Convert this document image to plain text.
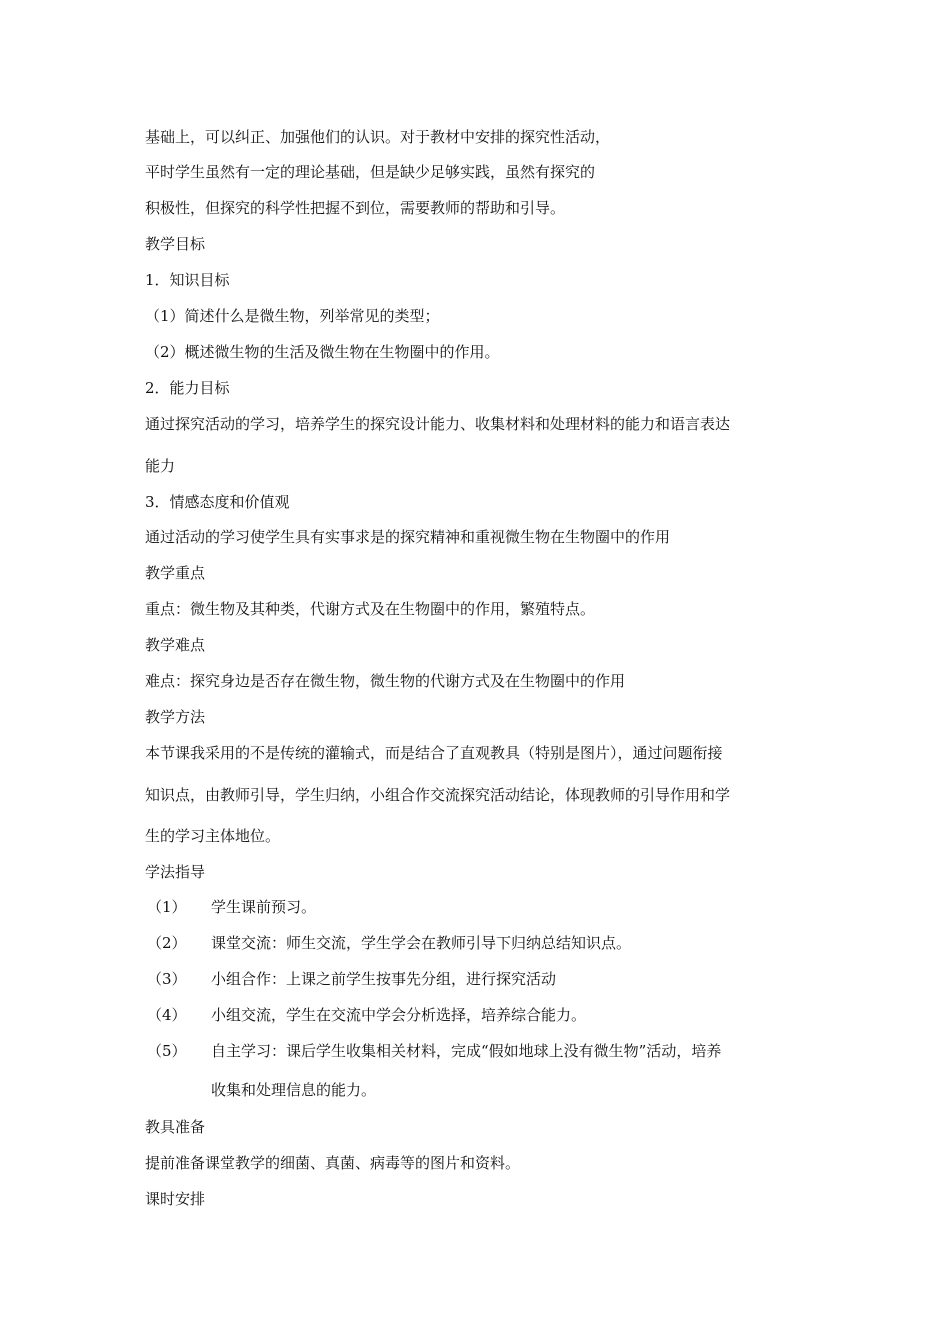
基础上，可以纠正、加强他们的认识。对于教材中安排的探究性活动，
平时学生虽然有一定的理论基础，但是缺少足够实践，虽然有探究的
积极性，但探究的科学性把握不到位，需要教师的帮助和引导。
教学目标
1．知识目标
（1）简述什么是微生物，列举常见的类型；
（2）概述微生物的生活及微生物在生物圈中的作用。
2．能力目标
通过探究活动的学习，培养学生的探究设计能力、收集材料和处理材料的能力和语言表达
能力
3．情感态度和价值观
通过活动的学习使学生具有实事求是的探究精神和重视微生物在生物圈中的作用
教学重点
重点：微生物及其种类，代谢方式及在生物圈中的作用，繁殖特点。
教学难点
难点：探究身边是否存在微生物，微生物的代谢方式及在生物圈中的作用
教学方法
本节课我采用的不是传统的灌输式，而是结合了直观教具（特别是图片），通过问题衔接
知识点，由教师引导，学生归纳，小组合作交流探究活动结论，体现教师的引导作用和学
生的学习主体地位。
学法指导
（1） 学生课前预习。
（2） 课堂交流：师生交流，学生学会在教师引导下归纳总结知识点。
（3） 小组合作：上课之前学生按事先分组，进行探究活动
（4） 小组交流，学生在交流中学会分析选择，培养综合能力。
（5） 自主学习：课后学生收集相关材料，完成“假如地球上没有微生物”活动，培养
收集和处理信息的能力。
教具准备
提前准备课堂教学的细菌、真菌、病毒等的图片和资料。
课时安排
